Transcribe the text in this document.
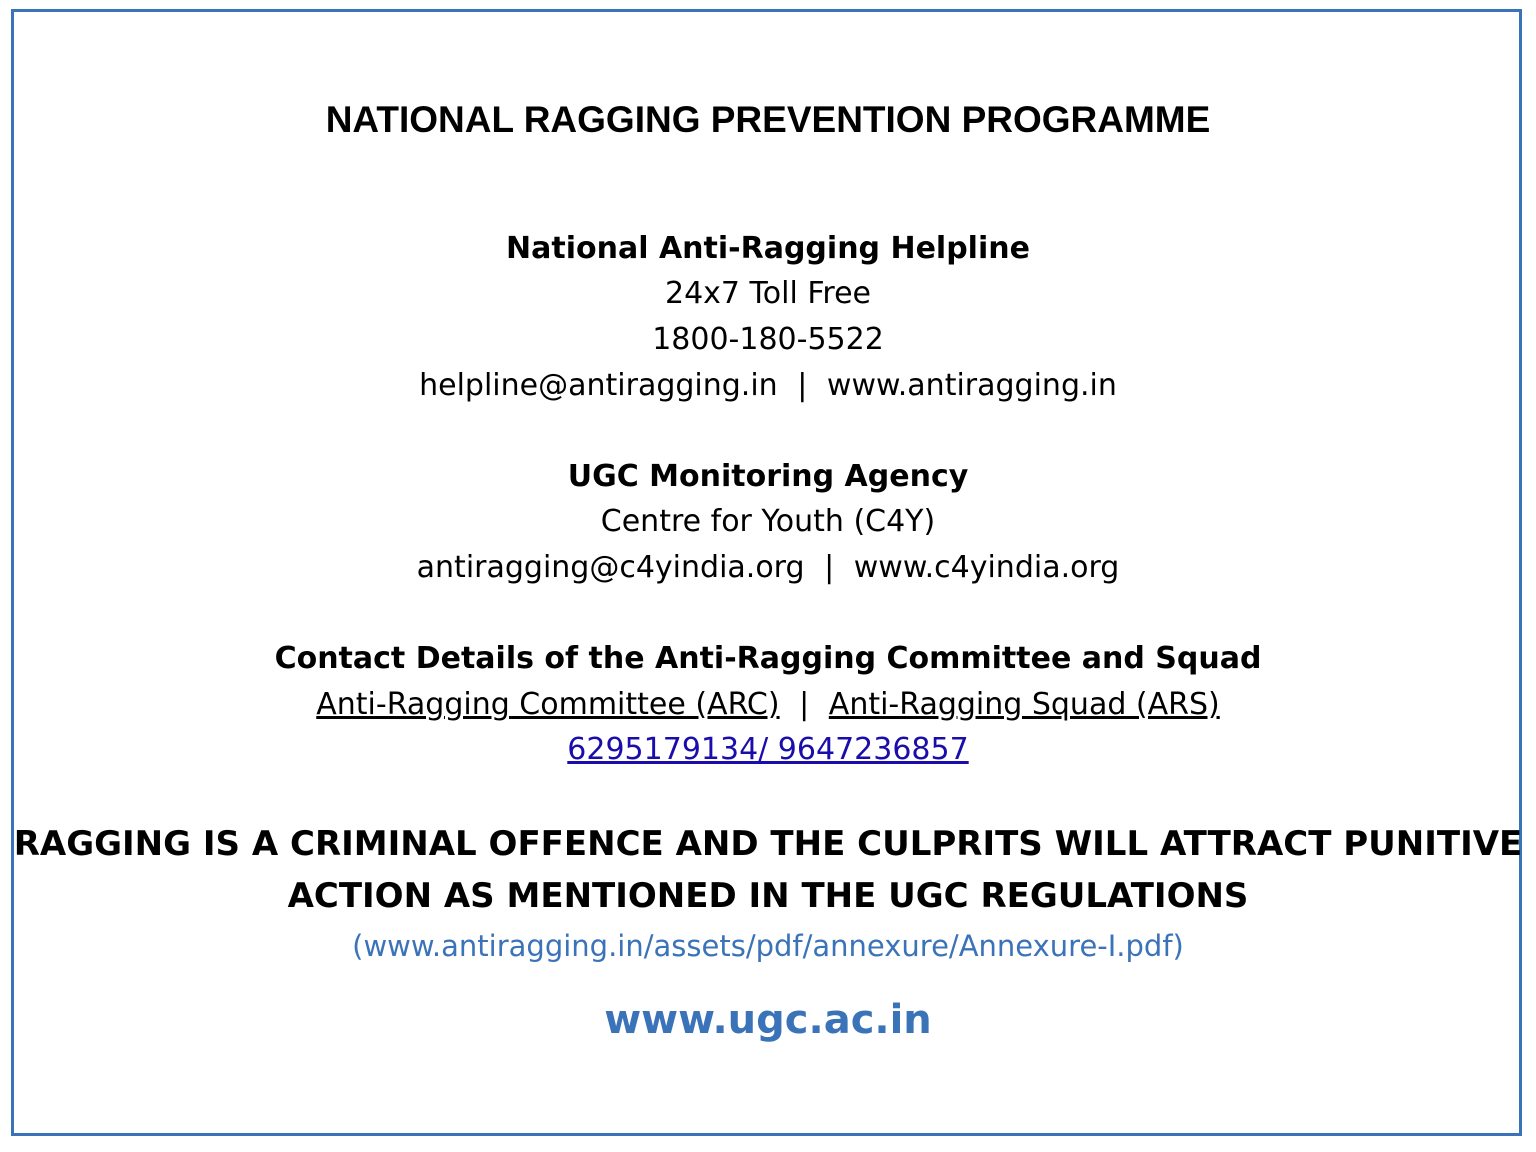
NATIONAL RAGGING PREVENTION PROGRAMME
National Anti-Ragging Helpline
24x7 Toll Free
1800-180-5522
helpline@antiragging.in | www.antiragging.in
UGC Monitoring Agency
Centre for Youth (C4Y)
antiragging@c4yindia.org | www.c4yindia.org
Contact Details of the Anti-Ragging Committee and Squad
Anti-Ragging Committee (ARC) | Anti-Ragging Squad (ARS)
6295179134/ 9647236857
RAGGING IS A CRIMINAL OFFENCE AND THE CULPRITS WILL ATTRACT PUNITIVE
ACTION AS MENTIONED IN THE UGC REGULATIONS
(www.antiragging.in/assets/pdf/annexure/Annexure-I.pdf)
www.ugc.ac.in
